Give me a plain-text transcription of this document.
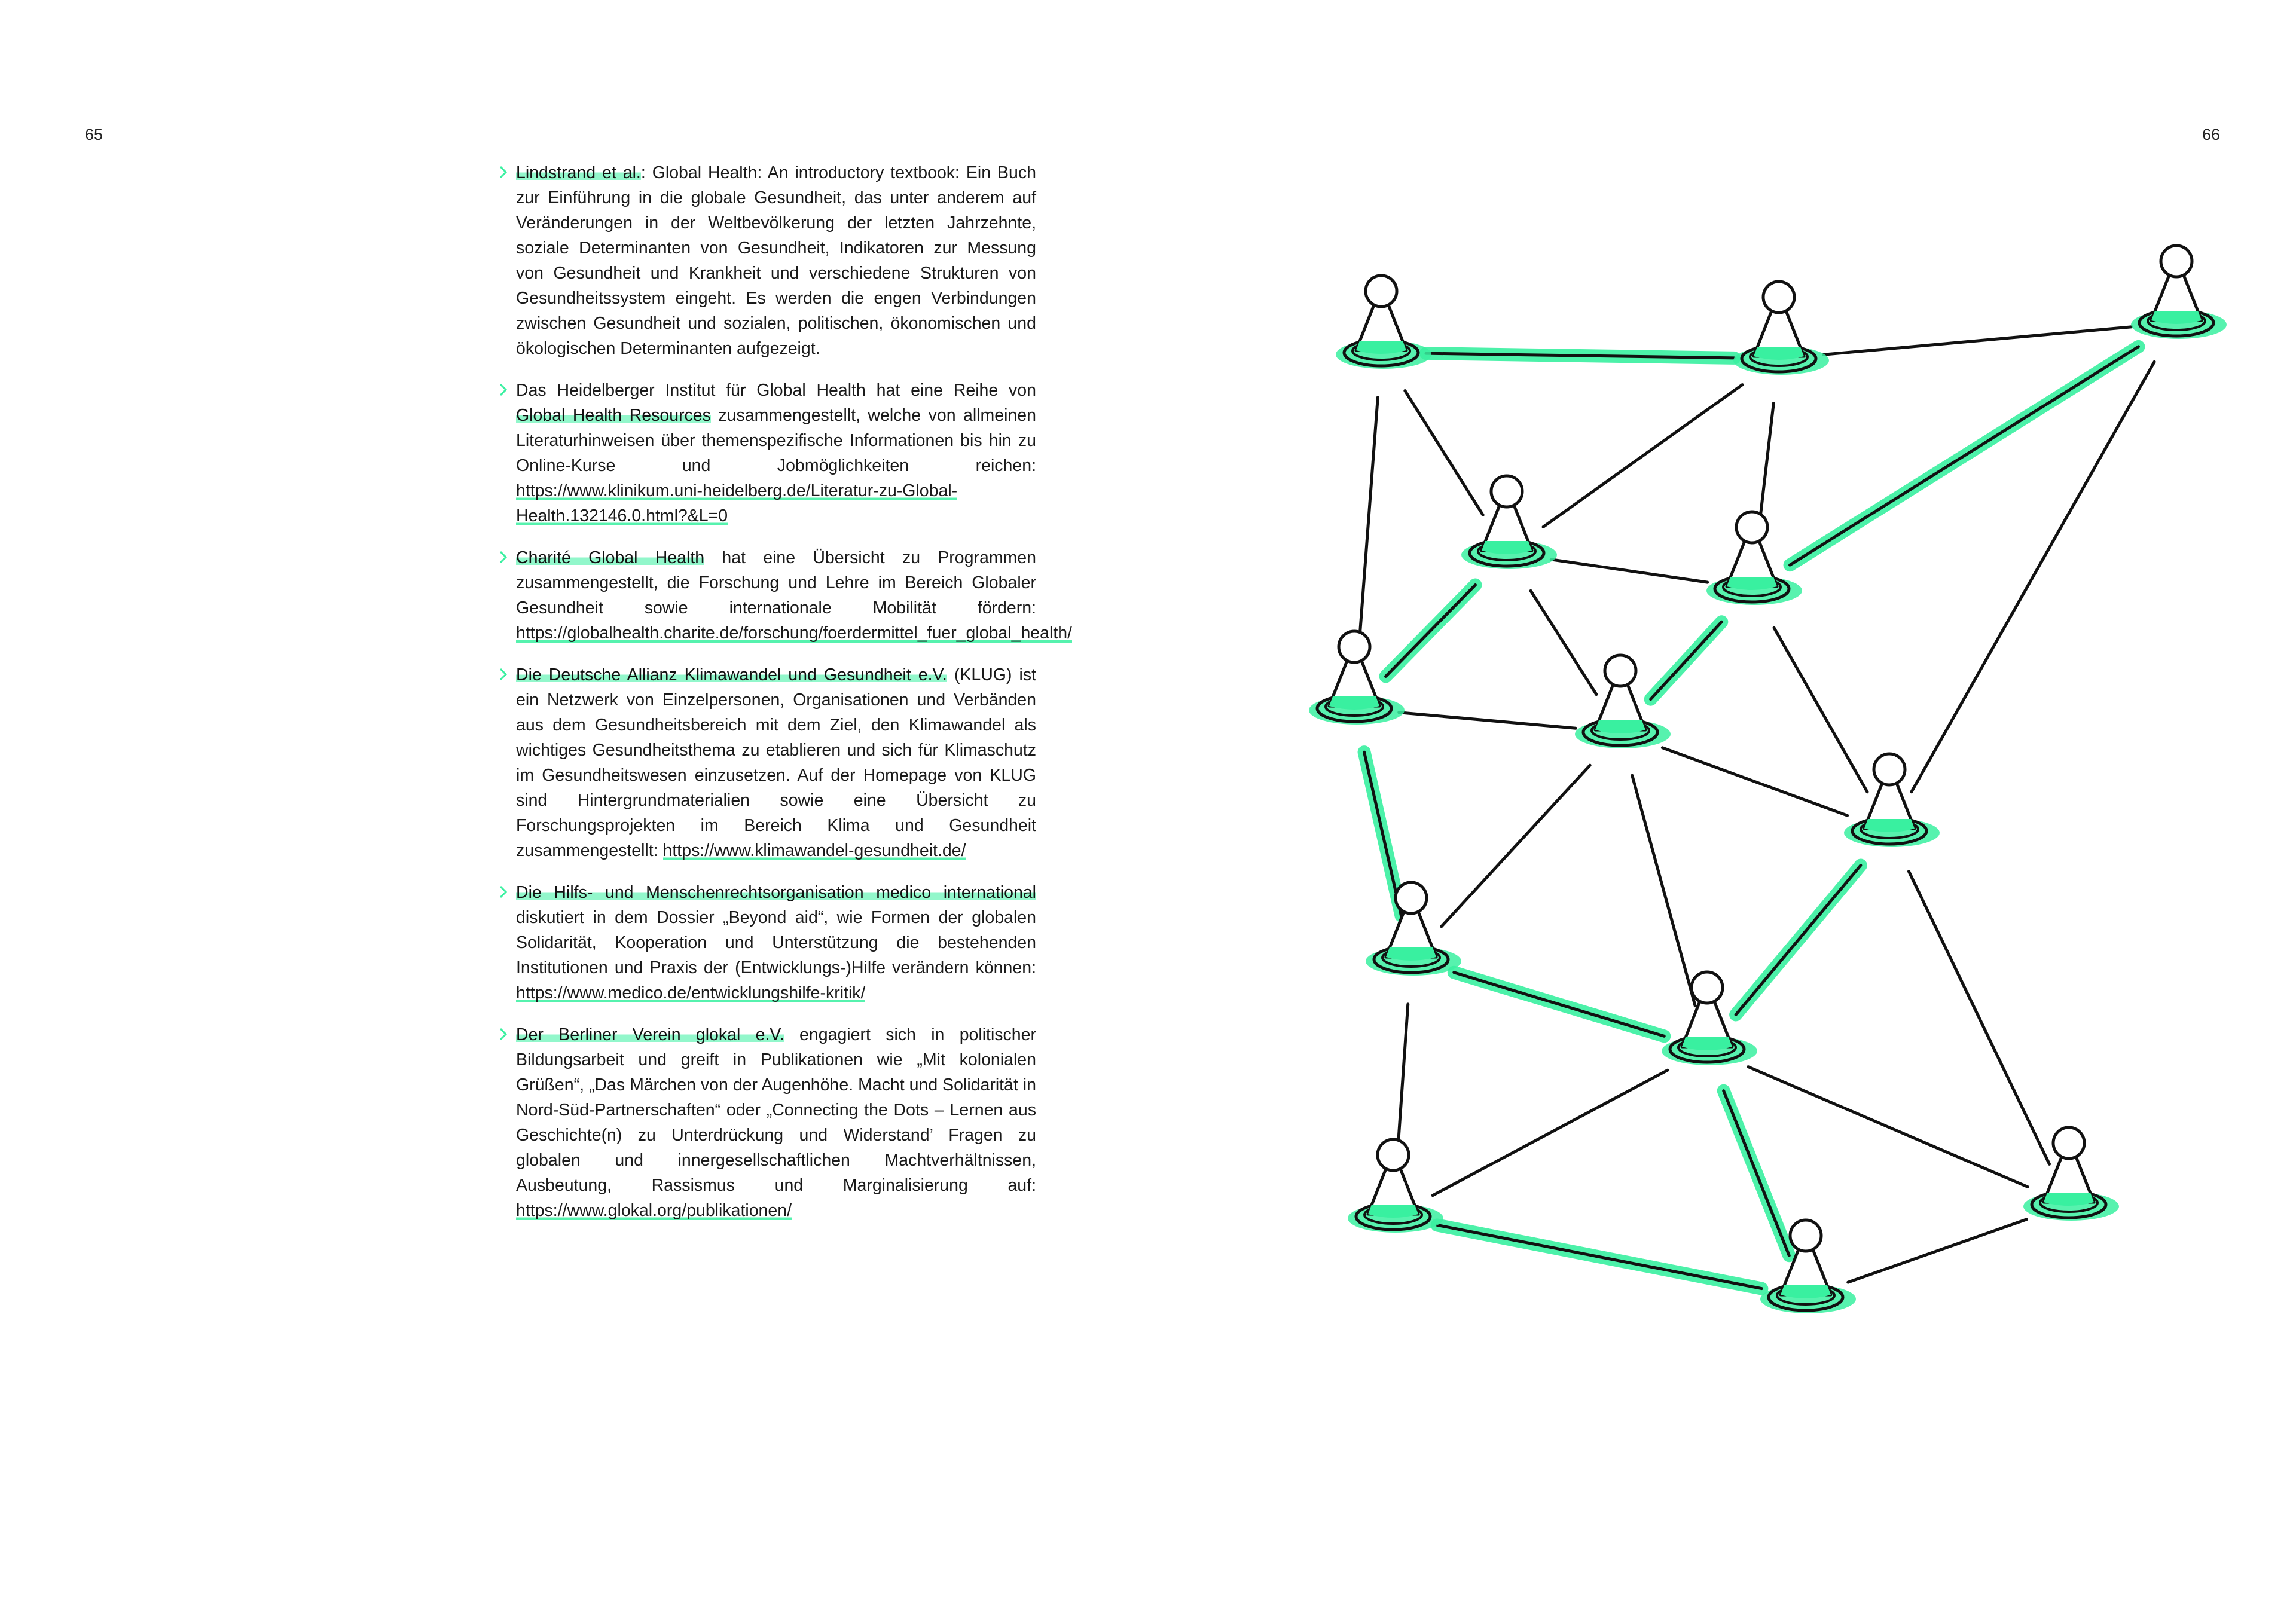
65	66
Lindstrand et al.: Global Health: An introductory textbook: Ein Buch zur Einführung in die globale Gesundheit, das unter anderem auf Veränderungen in der Weltbevölkerung der letzten Jahrzehnte, soziale Determinanten von Gesundheit, Indikatoren zur Messung von Gesundheit und Krankheit und verschiedene Strukturen von Gesundheitssystem eingeht. Es werden die engen Verbindungen zwischen Gesundheit und sozialen, politischen, ökonomischen und ökologischen Determinanten aufgezeigt.
Das Heidelberger Institut für Global Health hat eine Reihe von Global Health Resources zusammengestellt, welche von allmeinen Literaturhinweisen über themenspezifische Informationen bis hin zu Online-Kurse und Jobmöglichkeiten reichen: https://www.klinikum.uni-heidelberg.de/Literatur-zu-Global-Health.132146.0.html?&L=0
Charité Global Health hat eine Übersicht zu Programmen zusammengestellt, die Forschung und Lehre im Bereich Globaler Gesundheit sowie internationale Mobilität fördern: https://globalhealth.charite.de/forschung/foerdermittel_fuer_global_health/
Die Deutsche Allianz Klimawandel und Gesundheit e.V. (KLUG) ist ein Netzwerk von Einzelpersonen, Organisationen und Verbänden aus dem Gesundheitsbereich mit dem Ziel, den Klimawandel als wichtiges Gesundheitsthema zu etablieren und sich für Klimaschutz im Gesundheitswesen einzusetzen. Auf der Homepage von KLUG sind Hintergrundmaterialien sowie eine Übersicht zu Forschungsprojekten im Bereich Klima und Gesundheit zusammengestellt: https://www.klimawandel-gesundheit.de/
Die Hilfs- und Menschenrechtsorganisation medico international diskutiert in dem Dossier „Beyond aid“, wie Formen der globalen Solidarität, Kooperation und Unterstützung die bestehenden Institutionen und Praxis der (Entwicklungs-)Hilfe verändern können: https://www.medico.de/entwicklungshilfe-kritik/
Der Berliner Verein glokal e.V. engagiert sich in politischer Bildungsarbeit und greift in Publikationen wie „Mit kolonialen Grüßen“, „Das Märchen von der Augenhöhe. Macht und Solidarität in Nord-Süd-Partnerschaften“ oder „Connecting the Dots – Lernen aus Geschichte(n) zu Unterdrückung und Widerstand’ Fragen zu globalen und innergesellschaftlichen Machtverhältnissen, Ausbeutung, Rassismus und Marginalisierung auf: https://www.glokal.org/publikationen/
